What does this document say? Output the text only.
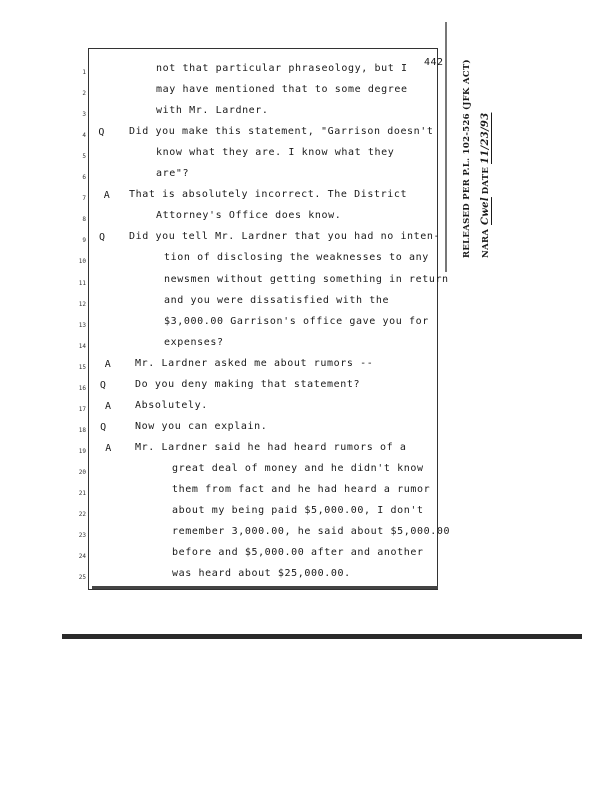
442
1	not that particular phraseology, but I
2	may have mentioned that to some degree
3	with Mr. Lardner.
4 Q Did you make this statement, "Garrison doesn't
5	know what they are. I know what they
6	are"?
7 A That is absolutely incorrect. The District
8	Attorney's Office does know.
9 Q Did you tell Mr. Lardner that you had no inten-
10	tion of disclosing the weaknesses to any
11	newsmen without getting something in return
12	and you were dissatisfied with the
13	$3,000.00 Garrison's office gave you for
14	expenses?
15 A Mr. Lardner asked me about rumors --
16 Q	Do you deny making that statement?
17 A Absolutely.
18 Q	Now you can explain.
19 A Mr. Lardner said he had heard rumors of a
20	great deal of money and he didn't know
21	them from fact and he had heard a rumor
22	about my being paid $5,000.00, I don't
23	remember 3,000.00, he said about $5,000.00
24	before and $5,000.00 after and another
25	was heard about $25,000.00.
RELEASED PER P.L. 102-526 (JFK ACT)	NARA Cwel DATE 11/23/93
